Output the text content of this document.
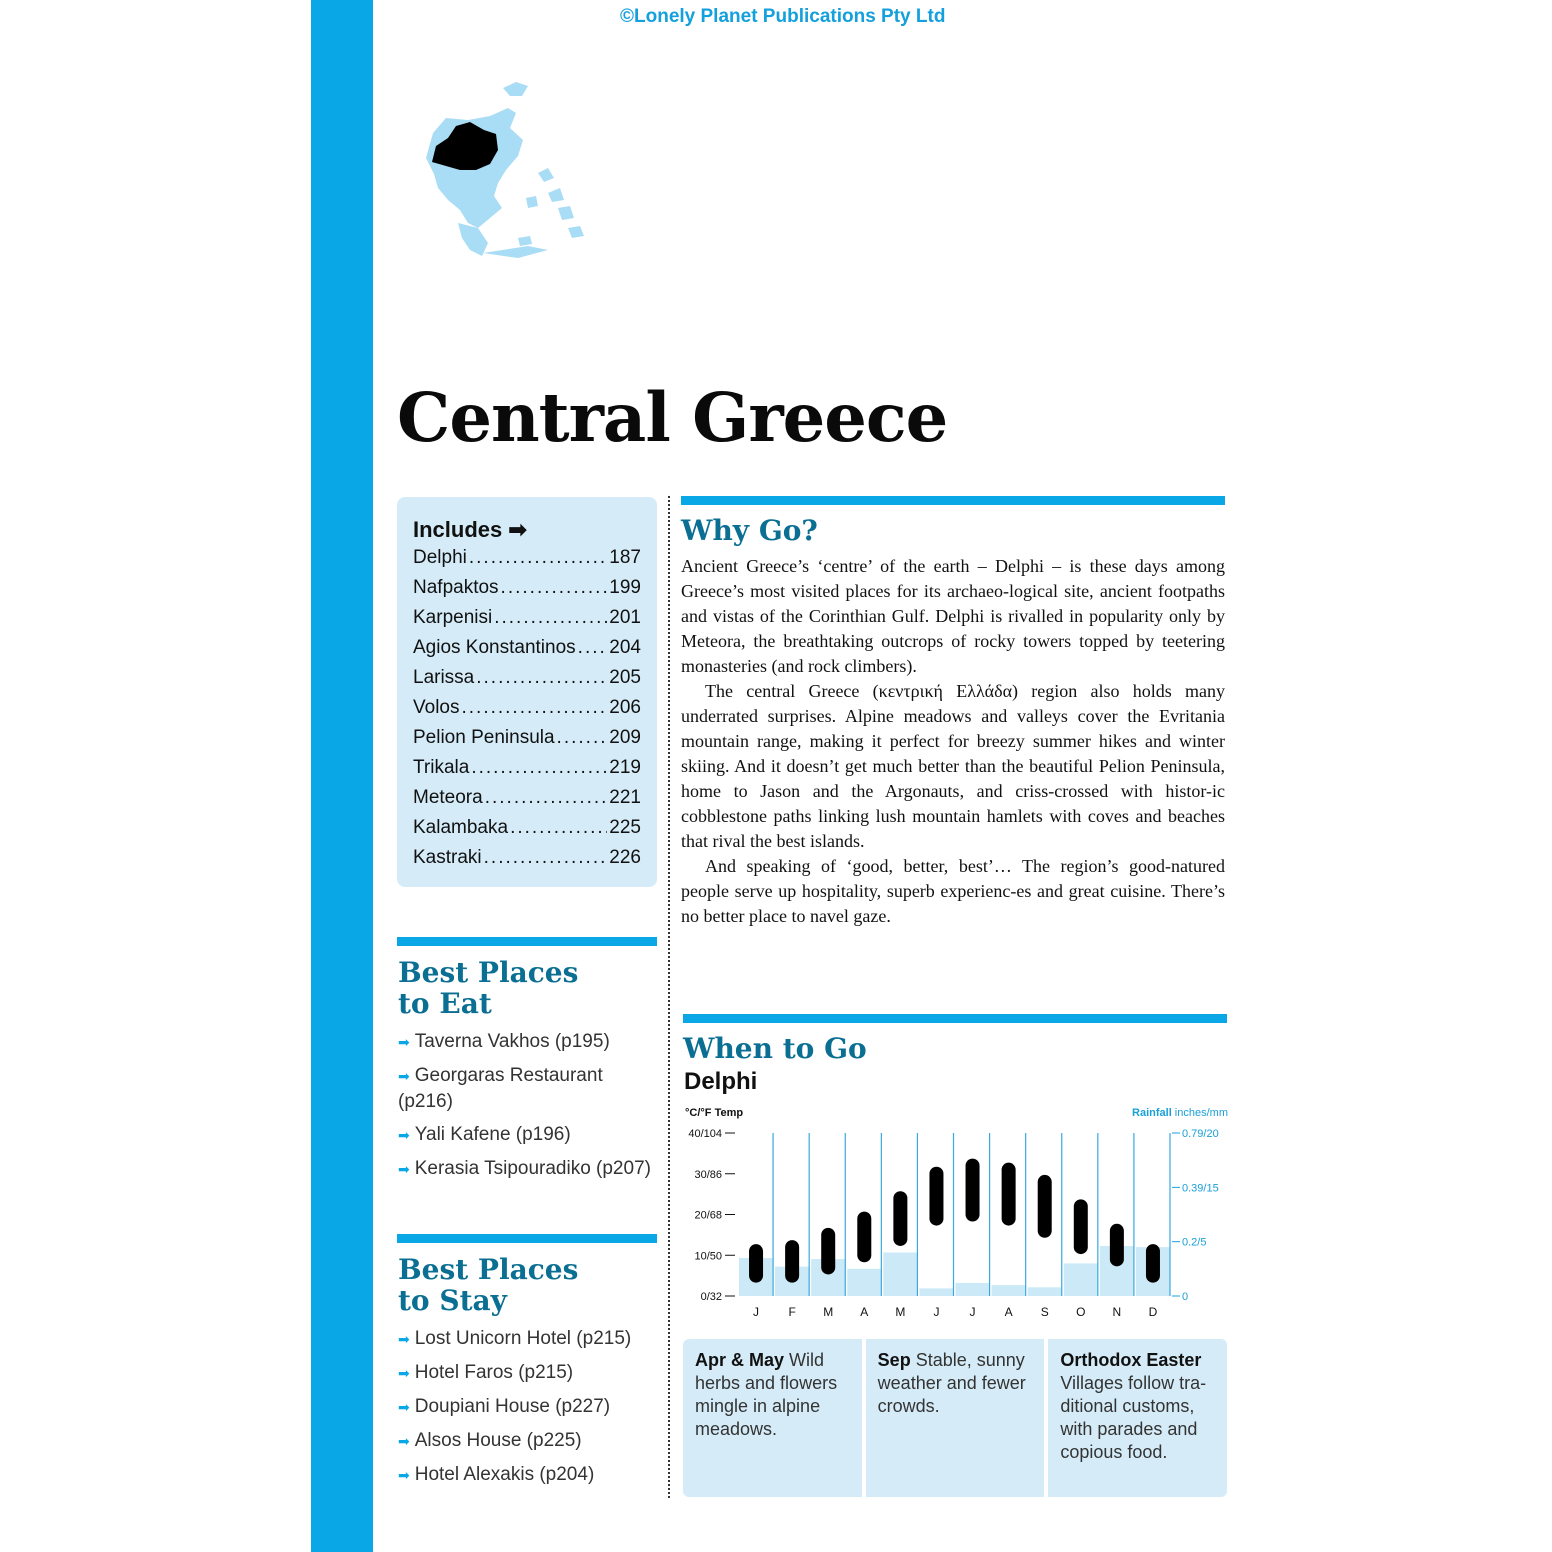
©Lonely Planet Publications Pty Ltd
Central Greece
Includes ➡
Delphi .....	187
Nafpaktos .....	199
Karpenisi .....	201
Agios Konstantinos ..... 204
Larissa .....	205
Volos .....	206
Pelion Peninsula .....	209
Trikala .....	219
Meteora .....	221
Kalambaka .....	225
Kastraki .....	226
Best Places
to Eat
➡ Taverna Vakhos (p195)
➡ Georgaras Restaurant (p216)
➡ Yali Kafene (p196)
➡ Kerasia Tsipouradiko (p207)
Best Places
to Stay
➡ Lost Unicorn Hotel (p215)
➡ Hotel Faros (p215)
➡ Doupiani House (p227)
➡ Alsos House (p225)
➡ Hotel Alexakis (p204)
Why Go?

Ancient Greece’s ‘centre’ of the earth – Delphi – is these days among Greece’s most visited places for its archaeo-logical site, ancient footpaths and vistas of the Corinthian Gulf. Delphi is rivalled in popularity only by Meteora, the breathtaking outcrops of rocky towers topped by teetering monasteries (and rock climbers).

The central Greece (κεντρική Ελλάδα) region also holds many underrated surprises. Alpine meadows and valleys cover the Evritania mountain range, making it perfect for breezy summer hikes and winter skiing. And it doesn’t get much better than the beautiful Pelion Peninsula, home to Jason and the Argonauts, and criss-crossed with histor-ic cobblestone paths linking lush mountain hamlets with coves and beaches that rival the best islands.

And speaking of ‘good, better, best’… The region’s good-natured people serve up hospitality, superb experienc-es and great cuisine. There’s no better place to navel gaze.

When to Go
Delphi
°C/°F Temp	Rainfall inches/mm
40/104
30/86
20/68
10/50
0/32
0.79/20
0.39/15
0.2/5
0
J F M A M J	J A S O N D
Apr & May Wild herbs and flowers mingle in alpine meadows.
Sep Stable, sunny weather and fewer crowds.
Orthodox Easter Villages follow tra-ditional customs, with parades and copious food.
